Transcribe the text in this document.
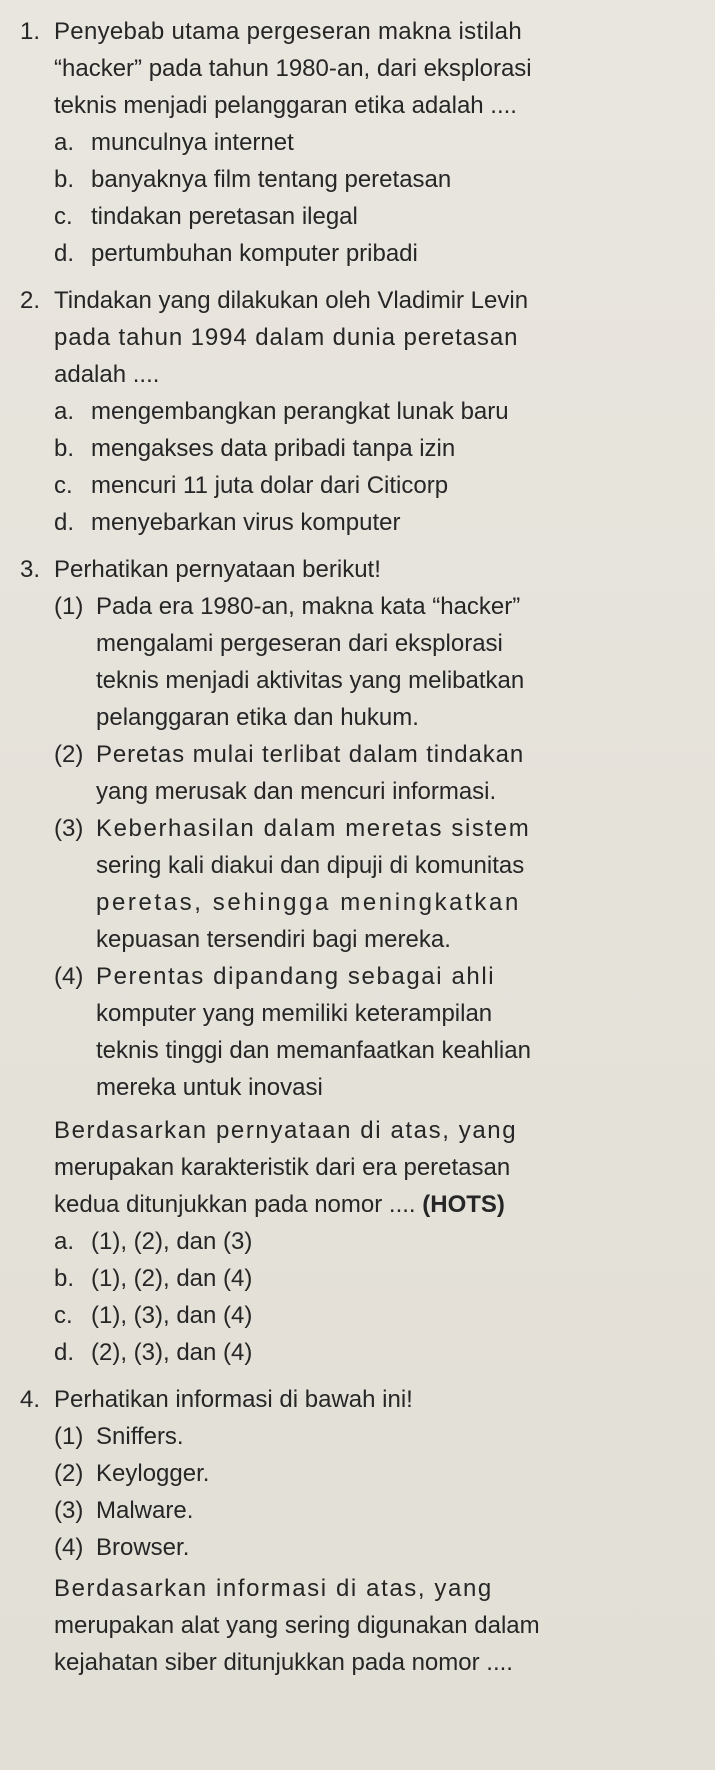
1. Penyebab utama pergeseran makna istilah
“hacker” pada tahun 1980-an, dari eksplorasi
teknis menjadi pelanggaran etika adalah ....
a. munculnya internet
b. banyaknya film tentang peretasan
c. tindakan peretasan ilegal
d. pertumbuhan komputer pribadi
2. Tindakan yang dilakukan oleh Vladimir Levin
pada tahun 1994 dalam dunia peretasan
adalah ....
a. mengembangkan perangkat lunak baru
b. mengakses data pribadi tanpa izin
c. mencuri 11 juta dolar dari Citicorp
d. menyebarkan virus komputer
3. Perhatikan pernyataan berikut!
(1) Pada era 1980-an, makna kata “hacker”
mengalami pergeseran dari eksplorasi
teknis menjadi aktivitas yang melibatkan
pelanggaran etika dan hukum.
(2) Peretas mulai terlibat dalam tindakan
yang merusak dan mencuri informasi.
(3) Keberhasilan dalam meretas sistem
sering kali diakui dan dipuji di komunitas
peretas, sehingga meningkatkan
kepuasan tersendiri bagi mereka.
(4) Perentas dipandang sebagai ahli
komputer yang memiliki keterampilan
teknis tinggi dan memanfaatkan keahlian
mereka untuk inovasi
Berdasarkan pernyataan di atas, yang
merupakan karakteristik dari era peretasan
kedua ditunjukkan pada nomor .... (HOTS)
a. (1), (2), dan (3)
b. (1), (2), dan (4)
c. (1), (3), dan (4)
d. (2), (3), dan (4)
4. Perhatikan informasi di bawah ini!
(1) Sniffers.
(2) Keylogger.
(3) Malware.
(4) Browser.
Berdasarkan informasi di atas, yang
merupakan alat yang sering digunakan dalam
kejahatan siber ditunjukkan pada nomor ....
